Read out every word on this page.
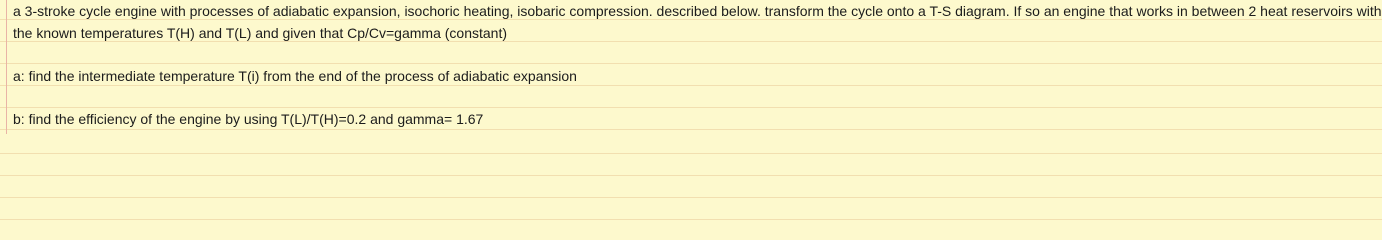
a 3-stroke cycle engine with processes of adiabatic expansion, isochoric heating, isobaric compression. described below. transform the cycle onto a T-S diagram. If so an engine that works in between 2 heat reservoirs with
the known temperatures T(H) and T(L) and given that Cp/Cv=gamma (constant)
a: find the intermediate temperature T(i) from the end of the process of adiabatic expansion
b: find the efficiency of the engine by using T(L)/T(H)=0.2 and gamma= 1.67
